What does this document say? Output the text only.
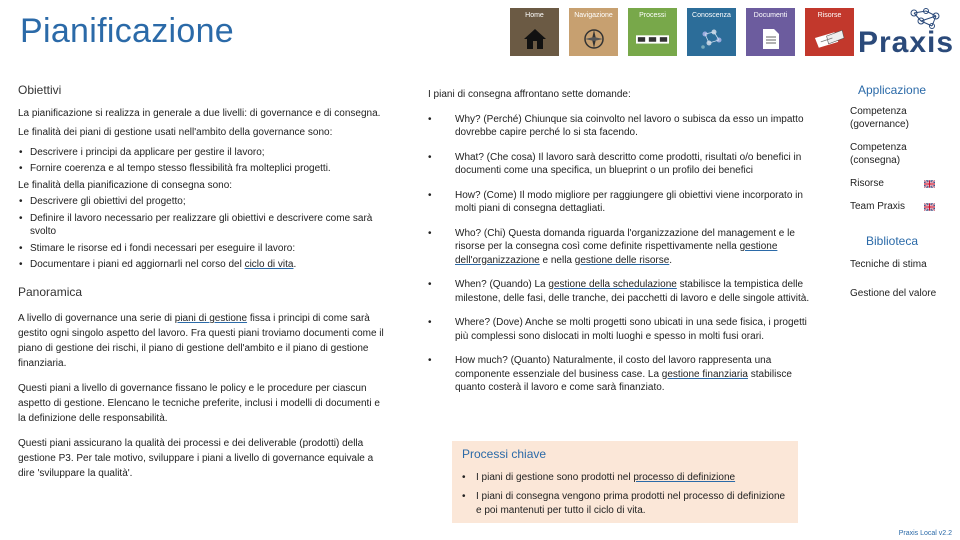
Pianificazione	Home	Navigazione	Processi	Conoscenza	Documenti	Risorse
Praxis
Obiettivi

La pianificazione si realizza in generale a due livelli: di governance e di consegna.

Le finalità dei piani di gestione usati nell'ambito della governance sono:

• Descrivere i principi da applicare per gestire il lavoro;
• Fornire coerenza e al tempo stesso flessibilità fra molteplici progetti.
Le finalità della pianificazione di consegna sono:
• Descrivere gli obiettivi del progetto;
• Definire il lavoro necessario per realizzare gli obiettivi e descrivere come sarà svolto
• Stimare le risorse ed i fondi necessari per eseguire il lavoro:
• Documentare i piani ed aggiornarli nel corso del ciclo di vita.
Panoramica

A livello di governance una serie di piani di gestione fissa i principi di come sarà gestito ogni singolo aspetto del lavoro. Fra questi piani troviamo documenti come il piano di gestione dei rischi, il piano di gestione dell'ambito e il piano di gestione finanziaria.

Questi piani a livello di governance fissano le policy e le procedure per ciascun aspetto di gestione. Elencano le tecniche preferite, inclusi i modelli di documenti e la definizione delle responsabilità.

Questi piani assicurano la qualità dei processi e dei deliverable (prodotti) della gestione P3. Per tale motivo, sviluppare i piani a livello di governance equivale a dire 'sviluppare la qualità'.

I piani di consegna affrontano sette domande:
• Why? (Perché) Chiunque sia coinvolto nel lavoro o subisca da esso un impatto dovrebbe capire perché lo si sta facendo.
• What? (Che cosa) Il lavoro sarà descritto come prodotti, risultati o/o benefici in documenti come una specifica, un blueprint o un profilo dei benefici
• How? (Come) Il modo migliore per raggiungere gli obiettivi viene incorporato in molti piani di consegna dettagliati.
• Who? (Chi) Questa domanda riguarda l'organizzazione del management e le risorse per la consegna così come definite rispettivamente nella gestione dell'organizzazione e nella gestione delle risorse.
• When? (Quando) La gestione della schedulazione stabilisce la tempistica delle milestone, delle fasi, delle tranche, dei pacchetti di lavoro e delle singole attività.
• Where? (Dove) Anche se molti progetti sono ubicati in una sede fisica, i progetti più complessi sono dislocati in molti luoghi e spesso in molti fusi orari.
• How much? (Quanto) Naturalmente, il costo del lavoro rappresenta una componente essenziale del business case. La gestione finanziaria stabilisce quanto costerà il lavoro e come sarà finanziato.
Processi chiave
• I piani di gestione sono prodotti nel processo di definizione
• I piani di consegna vengono prima prodotti nel processo di definizione e poi mantenuti per tutto il ciclo di vita.
Applicazione
Competenza (governance)
Competenza (consegna)
Risorse
Team Praxis
Biblioteca
Tecniche di stima
Gestione del valore
Praxis Local v2.2
